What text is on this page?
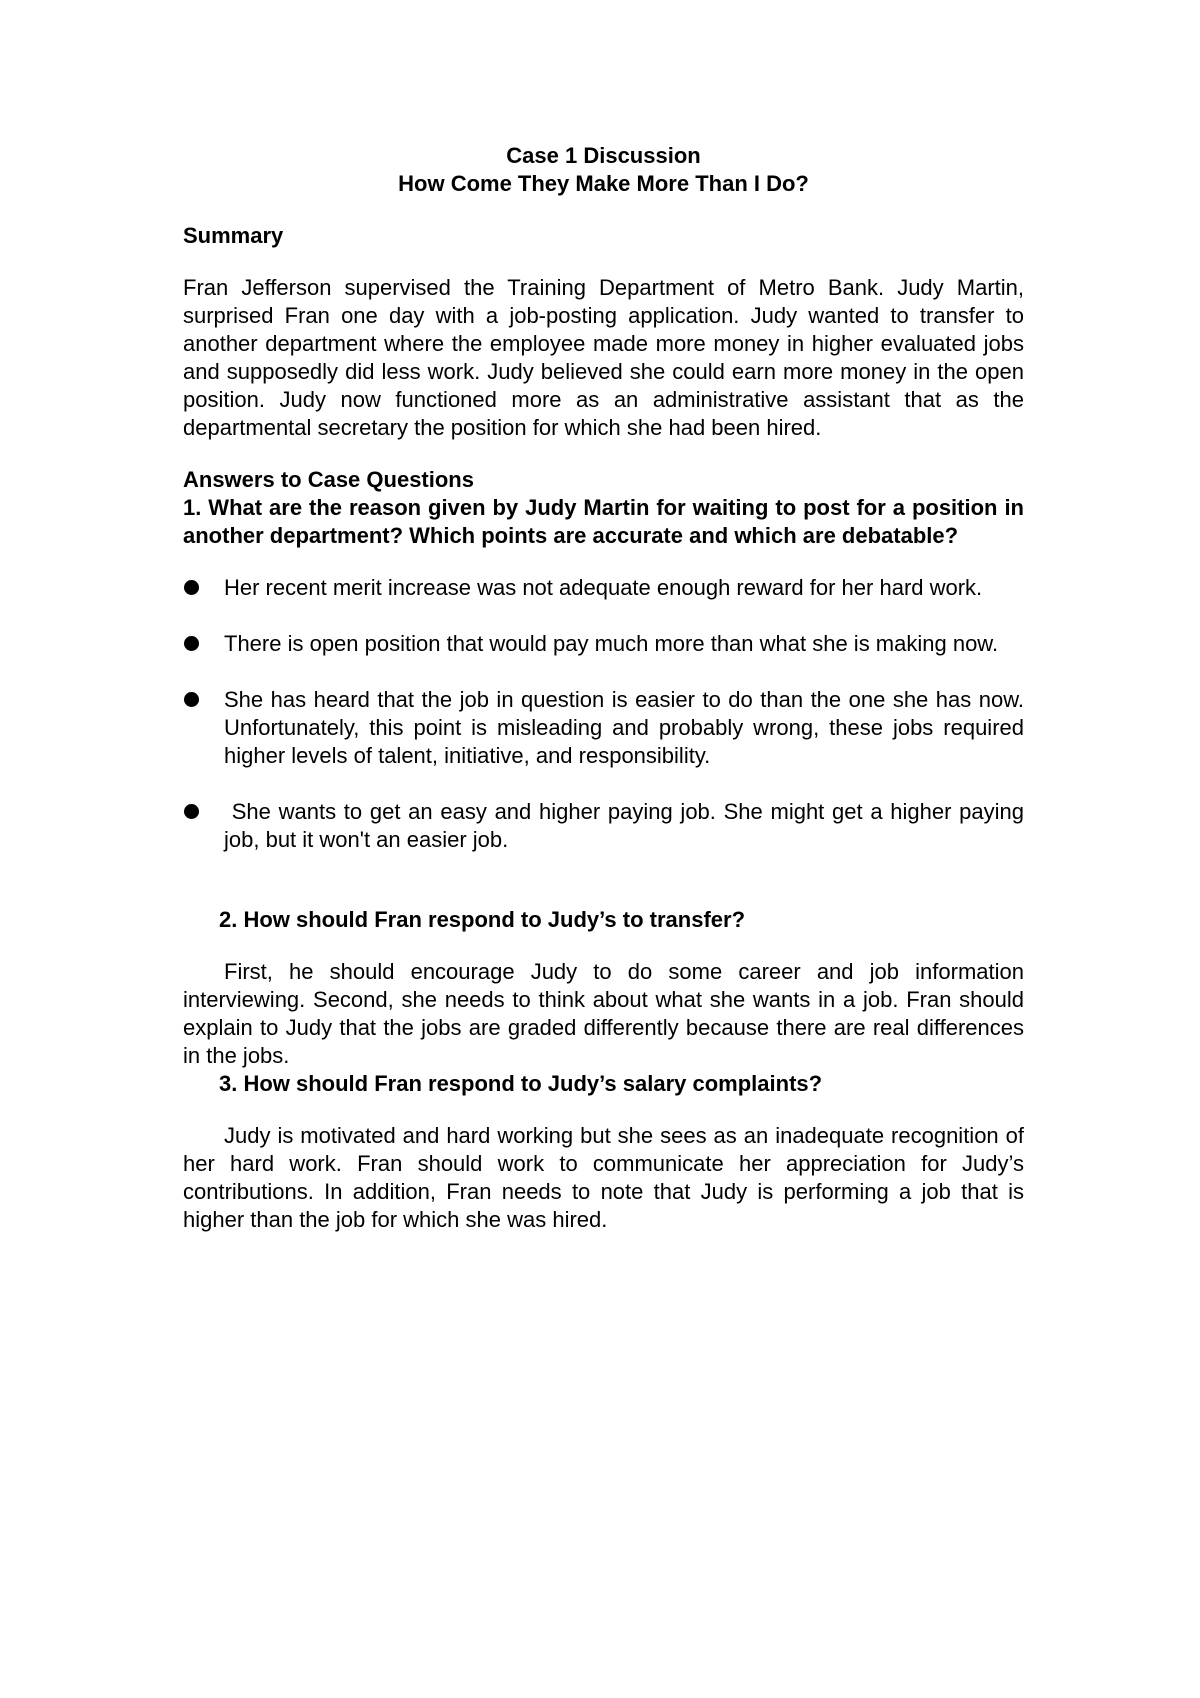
Case 1 Discussion

How Come They Make More Than I Do?

Summary

Fran Jefferson supervised the Training Department of Metro Bank. Judy Martin, surprised Fran one day with a job-posting application. Judy wanted to transfer to another department where the employee made more money in higher evaluated jobs and supposedly did less work. Judy believed she could earn more money in the open position. Judy now functioned more as an administrative assistant that as the departmental secretary the position for which she had been hired.

Answers to Case Questions

1. What are the reason given by Judy Martin for waiting to post for a position in another department? Which points are accurate and which are debatable?

Her recent merit increase was not adequate enough reward for her hard work.
There is open position that would pay much more than what she is making now.
She has heard that the job in question is easier to do than the one she has now. Unfortunately, this point is misleading and probably wrong, these jobs required higher levels of talent, initiative, and responsibility.
She wants to get an easy and higher paying job. She might get a higher paying job, but it won't an easier job.

2. How should Fran respond to Judy’s to transfer?

First, he should encourage Judy to do some career and job information interviewing. Second, she needs to think about what she wants in a job. Fran should explain to Judy that the jobs are graded differently because there are real differences in the jobs.

3. How should Fran respond to Judy’s salary complaints?

Judy is motivated and hard working but she sees as an inadequate recognition of her hard work. Fran should work to communicate her appreciation for Judy’s contributions. In addition, Fran needs to note that Judy is performing a job that is higher than the job for which she was hired.
